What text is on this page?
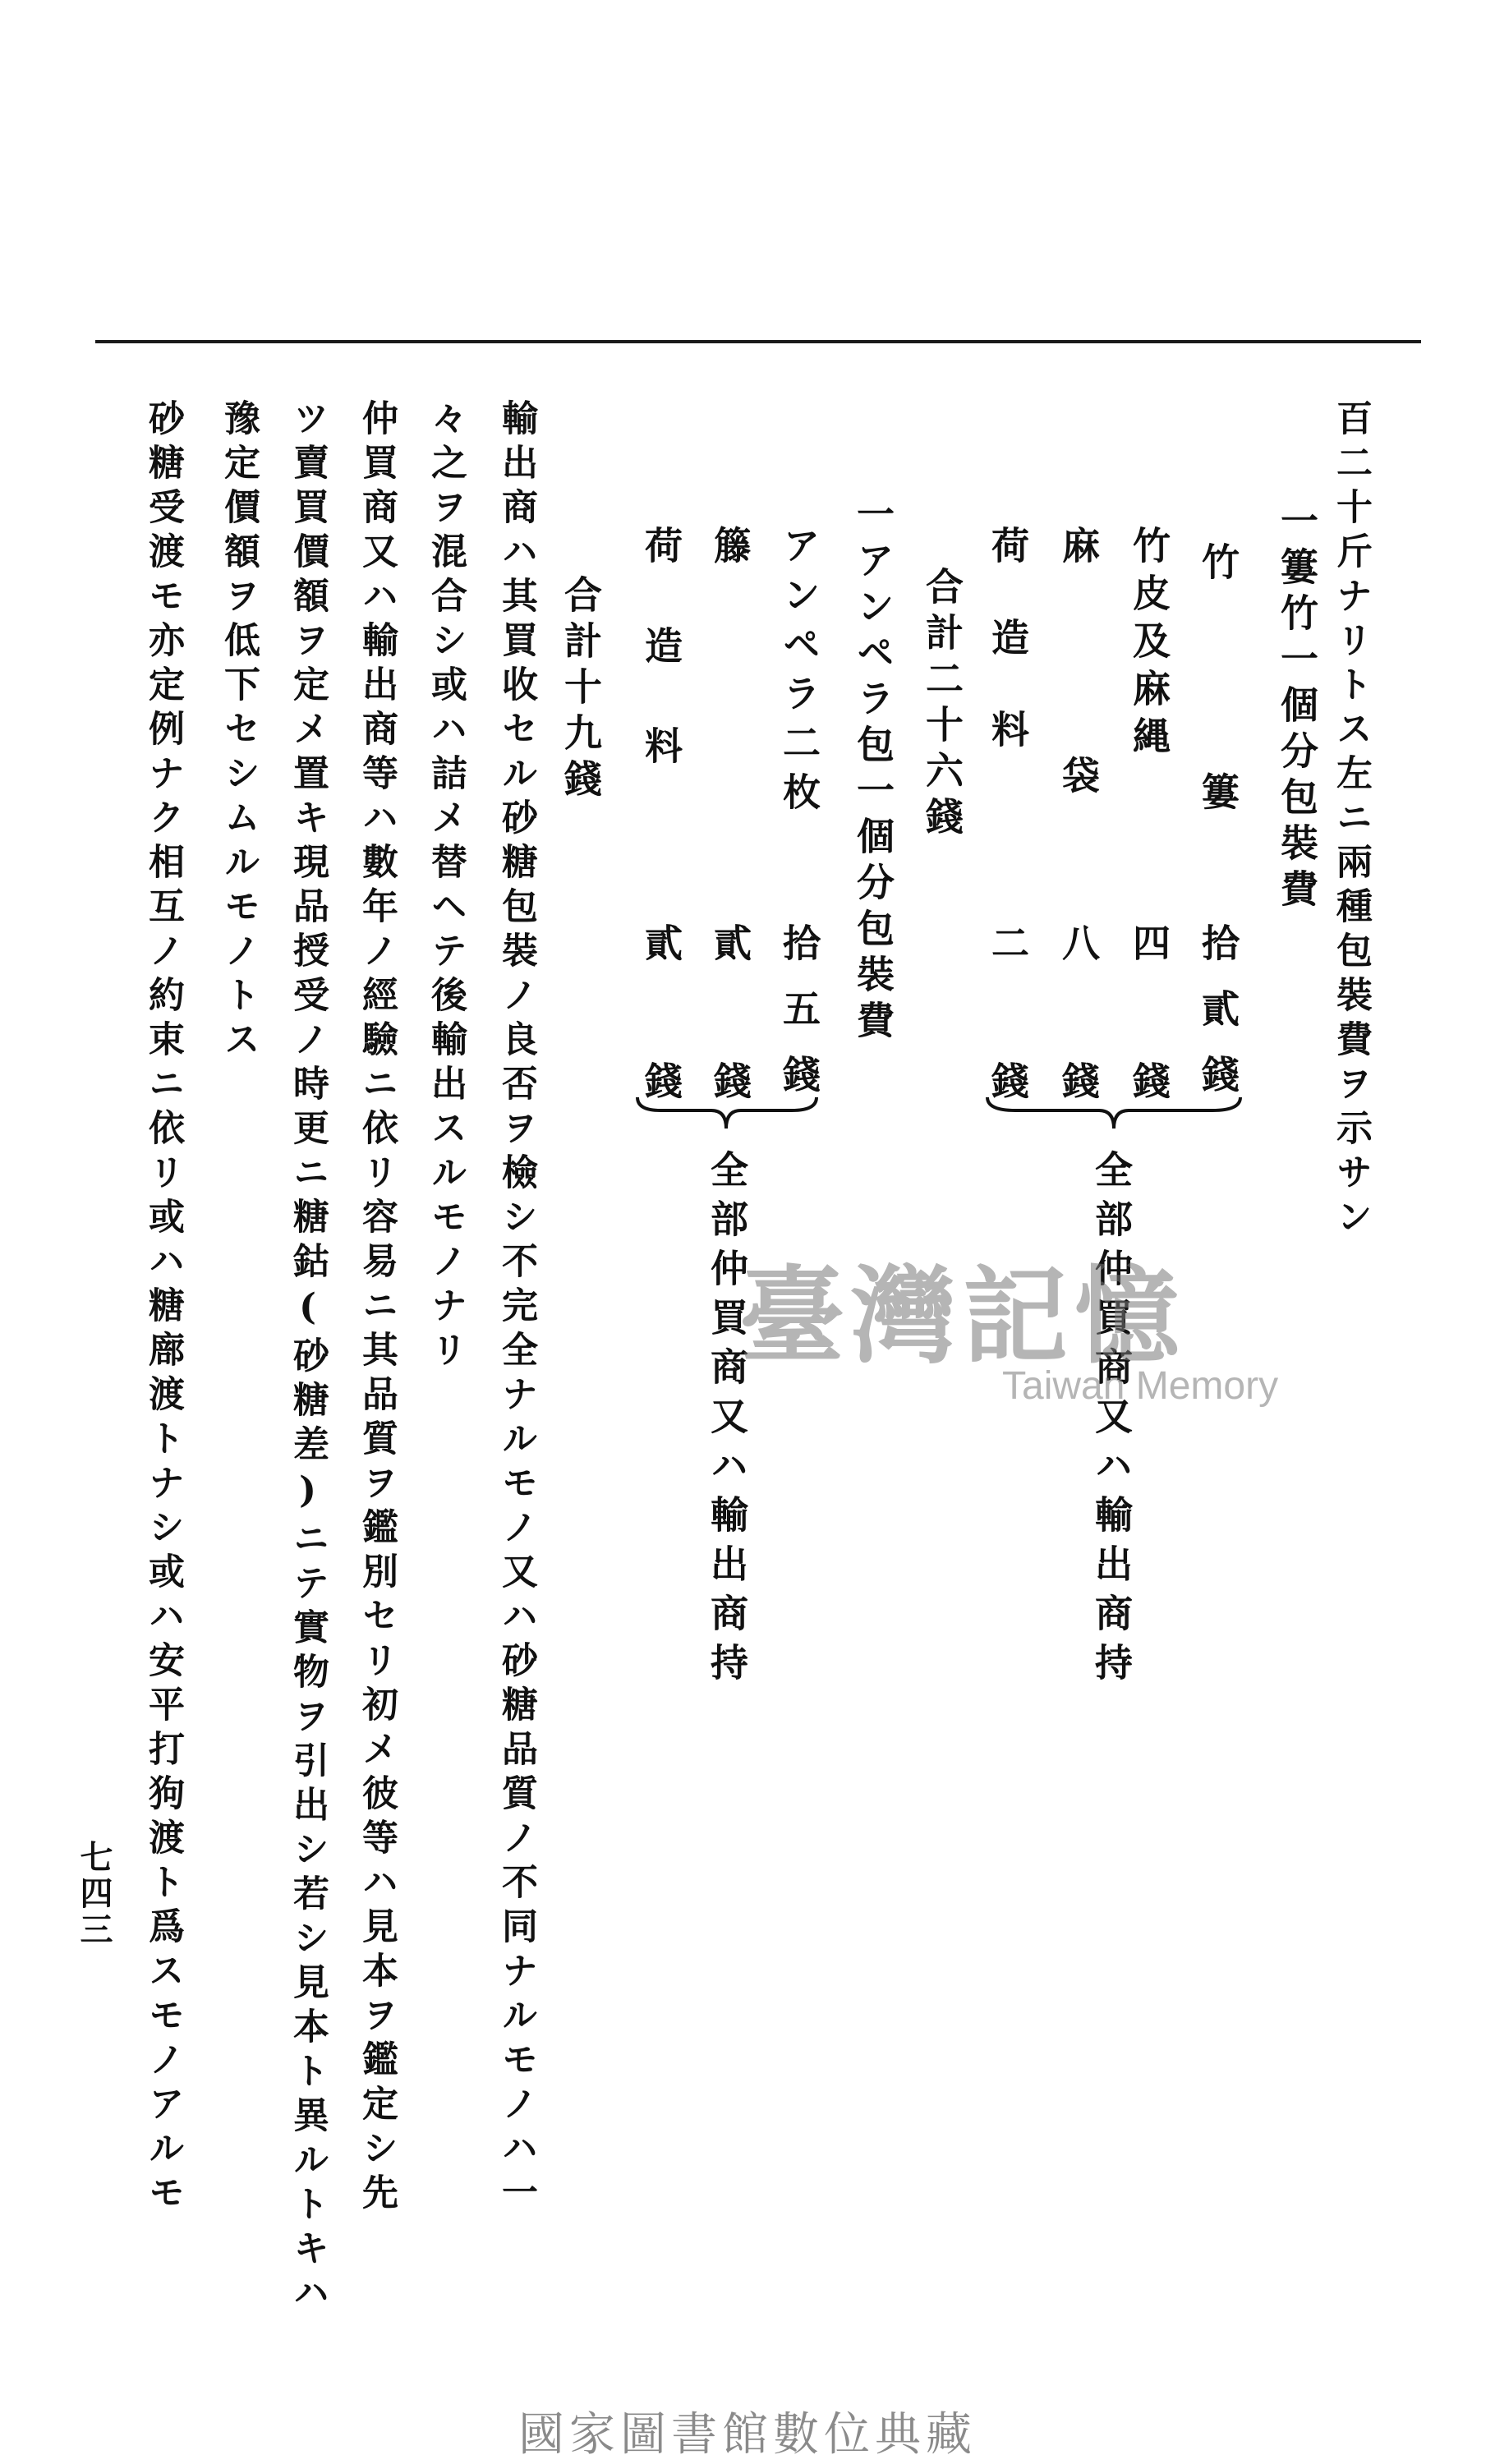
百二十斤ナリトス左ニ兩種包裝費ヲ示サン
一簍竹一個分包裝費
竹 簍
拾貳錢
竹皮及麻縄
四 錢
麻 袋
八 錢
荷造料
二 錢
全部仲買商又ハ輸出商持
合計二十六錢
一アンペラ包一個分包裝費
アンペラ二枚
拾五錢
籐
貳 錢
荷造料
貳 錢
全部仲買商又ハ輸出商持
合計十九錢
輸出商ハ其買收セル砂糖包裝ノ良否ヲ檢シ不完全ナルモノ又ハ砂糖品質ノ不同ナルモノハ一
々之ヲ混合シ或ハ詰メ替ヘテ後輸出スルモノナリ
仲買商又ハ輸出商等ハ數年ノ經驗ニ依リ容易ニ其品質ヲ鑑別セリ初メ彼等ハ見本ヲ鑑定シ先
ツ賣買價額ヲ定メ置キ現品授受ノ時更ニ糖鈷(砂糖差)ニテ實物ヲ引出シ若シ見本ト異ルトキハ
豫定價額ヲ低下セシムルモノトス
砂糖受渡モ亦定例ナク相互ノ約束ニ依リ或ハ糖廍渡トナシ或ハ安平打狗渡ト爲スモノアルモ
七四三
臺灣記憶
Taiwan Memory
國家圖書館數位典藏
